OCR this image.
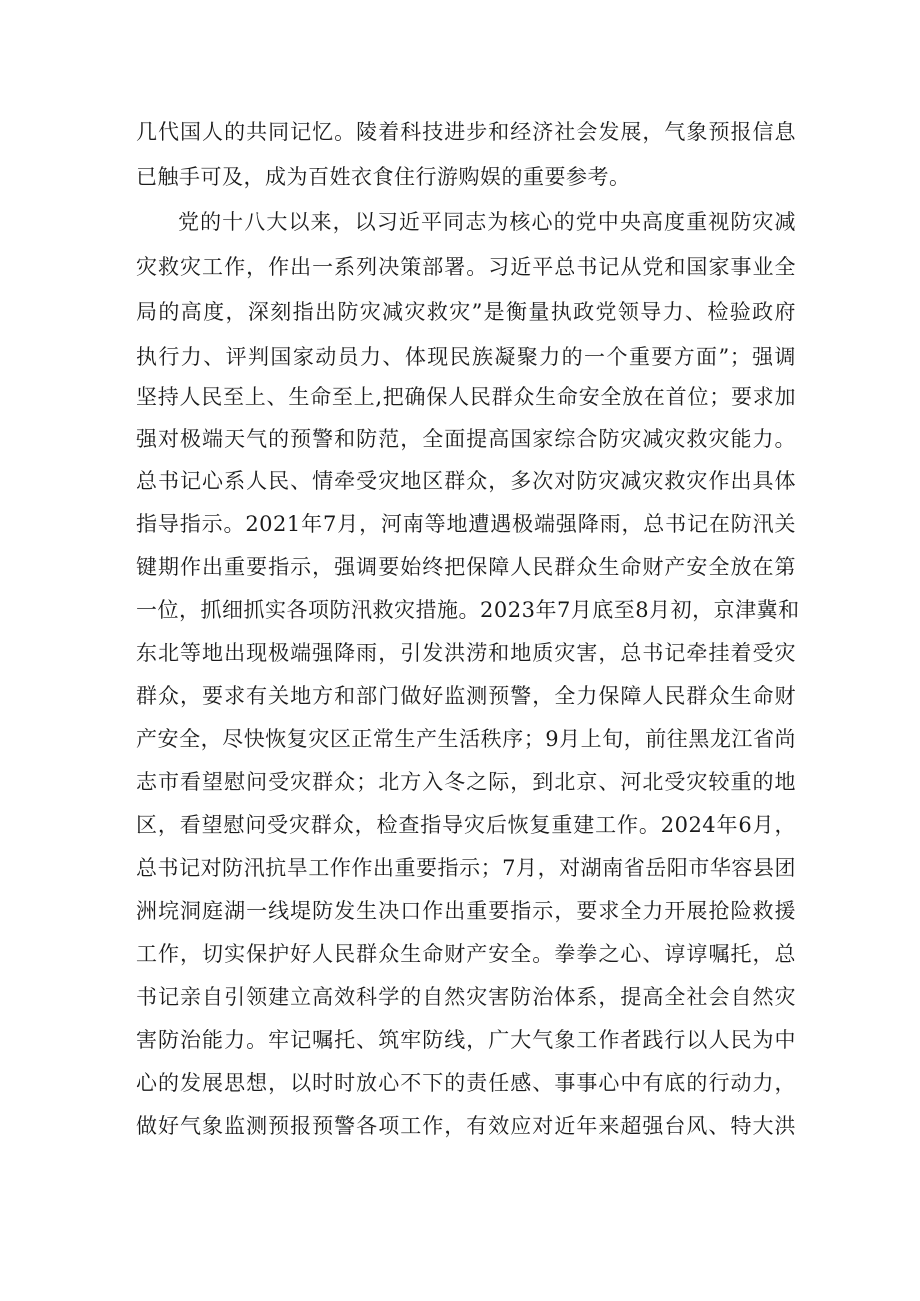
几代国人的共同记忆。陵着科技进步和经济社会发展，气象预报信息
已触手可及，成为百姓衣食住行游购娱的重要参考。
党的十八大以来，以习近平同志为核心的党中央高度重视防灾减
灾救灾工作，作出一系列决策部署。习近平总书记从党和国家事业全
局的高度，深刻指出防灾减灾救灾”是衡量执政党领导力、检验政府
执行力、评判国家动员力、体现民族凝聚力的一个重要方面”；强调
坚持人民至上、生命至上,把确保人民群众生命安全放在首位；要求加
强对极端天气的预警和防范，全面提高国家综合防灾减灾救灾能力。
总书记心系人民、情牵受灾地区群众，多次对防灾减灾救灾作出具体
指导指示。2021年7月，河南等地遭遇极端强降雨，总书记在防汛关
键期作出重要指示，强调要始终把保障人民群众生命财产安全放在第
一位，抓细抓实各项防汛救灾措施。2023年7月底至8月初，京津冀和
东北等地出现极端强降雨，引发洪涝和地质灾害，总书记牵挂着受灾
群众，要求有关地方和部门做好监测预警，全力保障人民群众生命财
产安全，尽快恢复灾区正常生产生活秩序；9月上旬，前往黑龙江省尚
志市看望慰问受灾群众；北方入冬之际，到北京、河北受灾较重的地
区，看望慰问受灾群众，检查指导灾后恢复重建工作。2024年6月，
总书记对防汛抗旱工作作出重要指示；7月，对湖南省岳阳市华容县团
洲垸洞庭湖一线堤防发生决口作出重要指示，要求全力开展抢险救援
工作，切实保护好人民群众生命财产安全。拳拳之心、谆谆嘱托，总
书记亲自引领建立高效科学的自然灾害防治体系，提高全社会自然灾
害防治能力。牢记嘱托、筑牢防线，广大气象工作者践行以人民为中
心的发展思想，以时时放心不下的责任感、事事心中有底的行动力，
做好气象监测预报预警各项工作，有效应对近年来超强台风、特大洪
